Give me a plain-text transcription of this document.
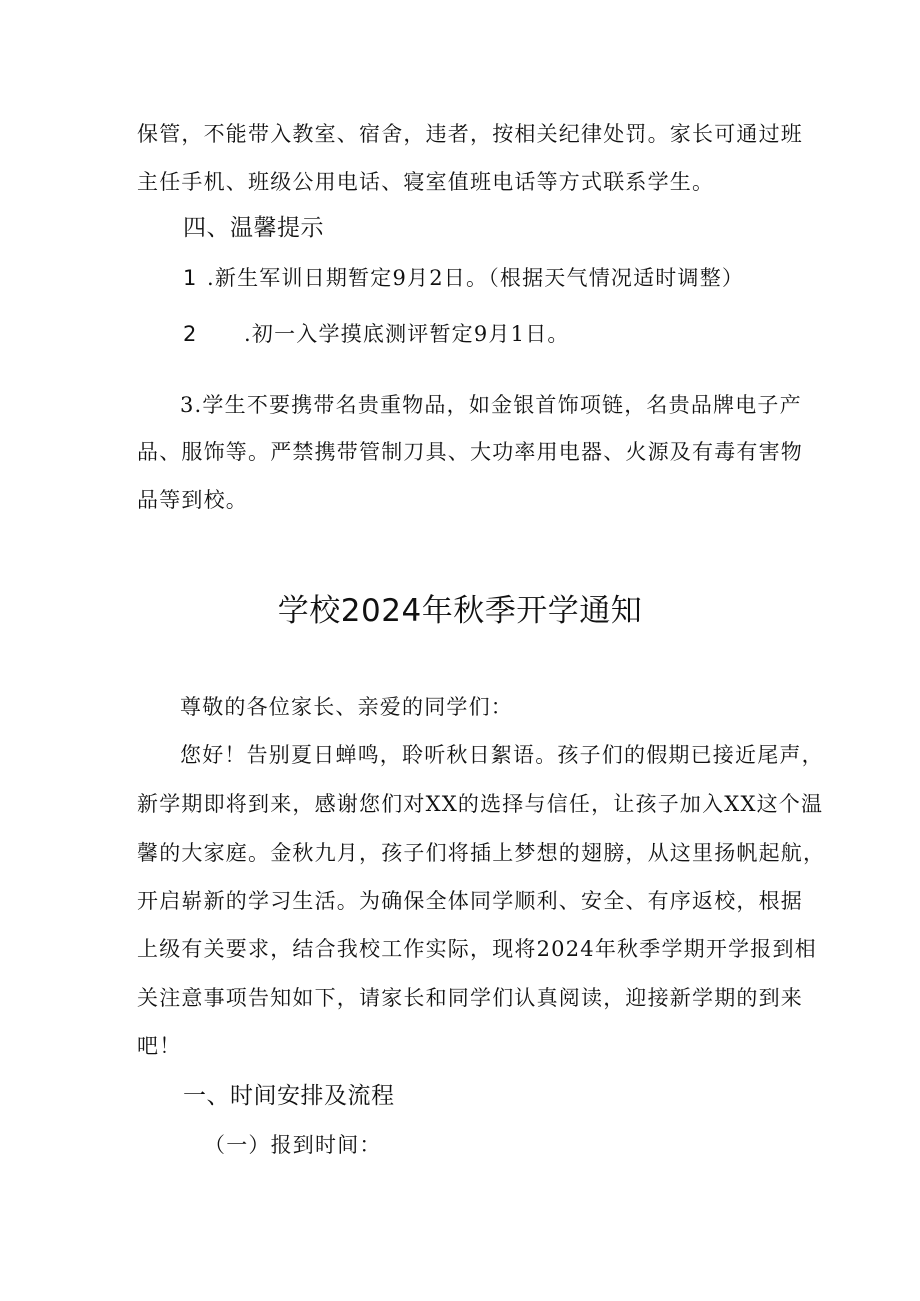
保管，不能带入教室、宿舍，违者，按相关纪律处罚。家长可通过班
主任手机、班级公用电话、寝室值班电话等方式联系学生。
四、温馨提示
1 .新生军训日期暂定9月2日。（根据天气情况适时调整）
2 .初一入学摸底测评暂定9月1日。
3.学生不要携带名贵重物品，如金银首饰项链，名贵品牌电子产
品、服饰等。严禁携带管制刀具、大功率用电器、火源及有毒有害物
品等到校。
学校2024年秋季开学通知
尊敬的各位家长、亲爱的同学们：
您好！告别夏日蝉鸣，聆听秋日絮语。孩子们的假期已接近尾声，
新学期即将到来，感谢您们对XX的选择与信任，让孩子加入XX这个温
馨的大家庭。金秋九月，孩子们将插上梦想的翅膀，从这里扬帆起航，
开启崭新的学习生活。为确保全体同学顺利、安全、有序返校，根据
上级有关要求，结合我校工作实际，现将2024年秋季学期开学报到相
关注意事项告知如下，请家长和同学们认真阅读，迎接新学期的到来
吧！
一、时间安排及流程
（一）报到时间：
